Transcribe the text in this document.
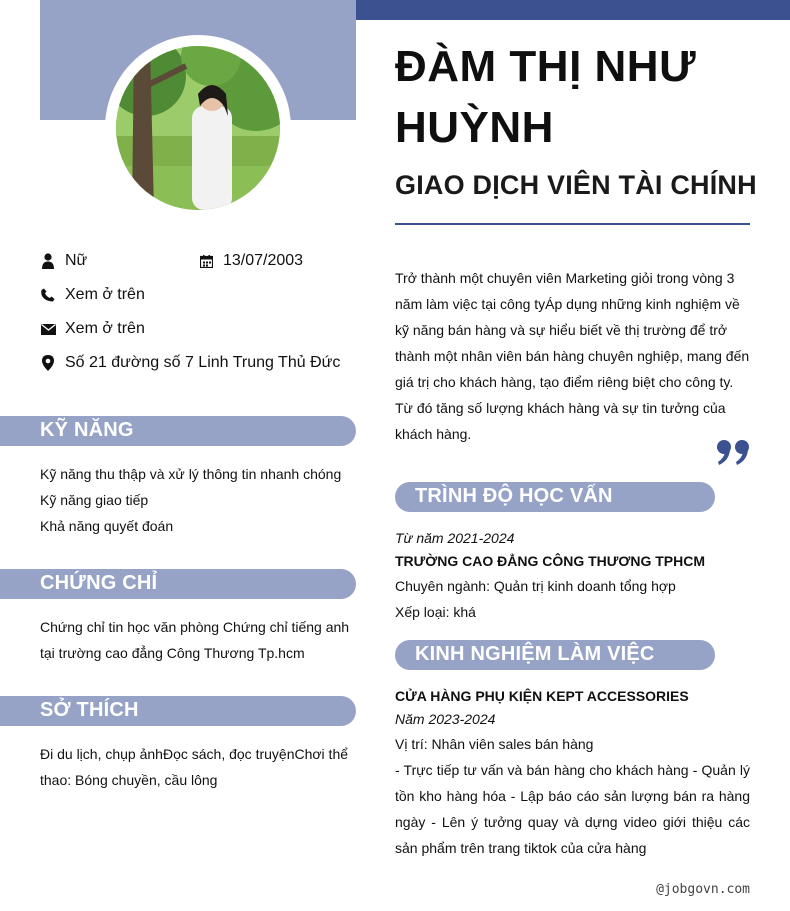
Nữ	13/07/2003
Xem ở trên
Xem ở trên
Số 21 đường số 7 Linh Trung Thủ Đức
KỸ NĂNG
Kỹ năng thu thập và xử lý thông tin nhanh chóng
Kỹ năng giao tiếp
Khả năng quyết đoán
CHỨNG CHỈ
Chứng chỉ tin học văn phòng Chứng chỉ tiếng anh tại trường cao đẳng Công Thương Tp.hcm
SỞ THÍCH
Đi du lịch, chụp ảnhĐọc sách, đọc truyệnChơi thể thao: Bóng chuyền, cầu lông
ĐÀM THỊ NHƯ HUỲNH
GIAO DỊCH VIÊN TÀI CHÍNH
Trở thành một chuyên viên Marketing giỏi trong vòng 3 năm làm việc tại công tyÁp dụng những kinh nghiệm về kỹ năng bán hàng và sự hiểu biết về thị trường để trở thành một nhân viên bán hàng chuyên nghiệp, mang đến giá trị cho khách hàng, tạo điểm riêng biệt cho công ty. Từ đó tăng số lượng khách hàng và sự tin tưởng của khách hàng.
TRÌNH ĐỘ HỌC VẤN
Từ năm 2021-2024
TRƯỜNG CAO ĐẲNG CÔNG THƯƠNG TPHCM
Chuyên ngành: Quản trị kinh doanh tổng hợp
Xếp loại: khá
KINH NGHIỆM LÀM VIỆC
CỬA HÀNG PHỤ KIỆN KEPT ACCESSORIES
Năm 2023-2024
Vị trí: Nhân viên sales bán hàng
- Trực tiếp tư vấn và bán hàng cho khách hàng - Quản lý tồn kho hàng hóa - Lập báo cáo sản lượng bán ra hàng ngày - Lên ý tưởng quay và dựng video giới thiệu các sản phẩm trên trang tiktok của cửa hàng
@jobgovn.com
